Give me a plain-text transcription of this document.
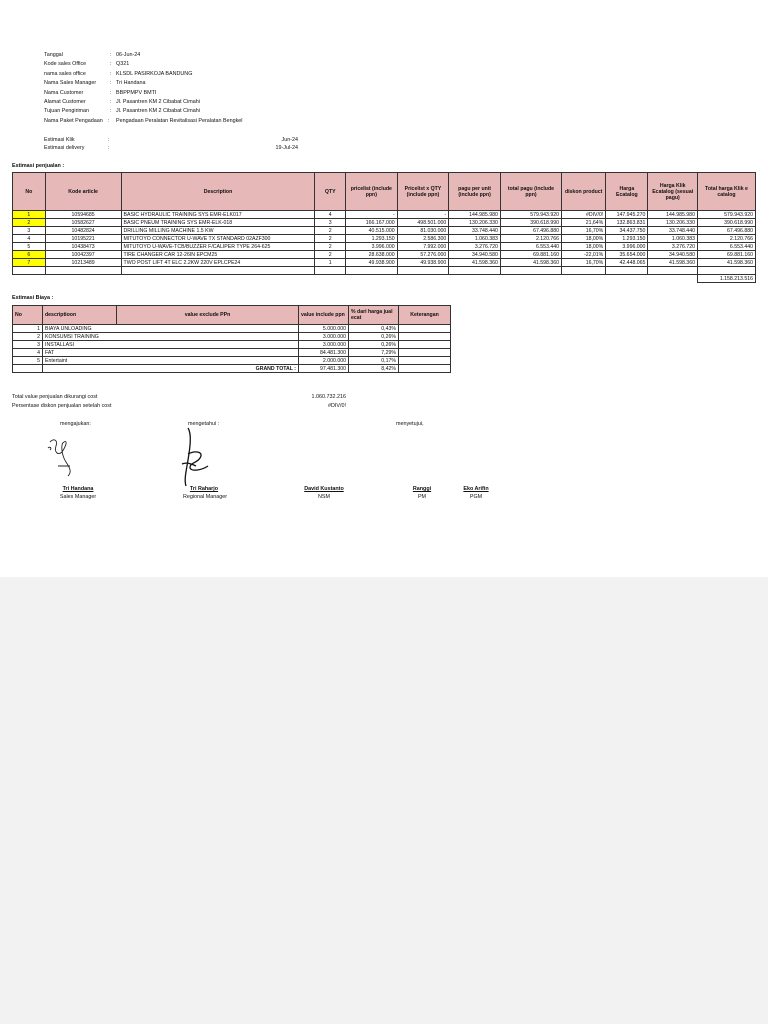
Tanggal	: 06-Jun-24
Kode sales Office	: Q321
nama sales office	: KLSDL PASIRKOJA BANDUNG
Nama Sales Manager	: Tri Handana
Nama Customer	: BBPPMPV BMTI
Alamat Customer	: Jl. Pasantren KM 2 Cibabat Cimahi
Tujuan Pengiriman	: Jl. Pasantren KM 2 Cibabat Cimahi
Nama Paket Pengadaan : Pengadaan Peralatan Revitalisasi Peralatan Bengkel
Estimasi Klik	:	Jun-24
Estimasi delivery	:	19-Jul-24
Estimasi penjualan :
No	Kode article	Description	QTY	pricelist (include ppn)	Pricelist x QTY (include ppn)	pagu per unit (include ppn)	total pagu (include ppn)	diskon product	Harga Ecatalog	Harga Klik Ecatalog (sesuai pagu)	Total harga Klik e catalog
1	10594685	BASIC HYDRAULIC TRAINING SYS EMR-ELK017	4	-	-	144.985.980	579.943.920	#DIV/0!	147.945.270	144.985.980	579.943.920
2	10582627	BASIC PNEUM TRAINING SYS EMR-ELK-018	3	166.167.000	498.501.000	130.206.330	390.618.990	21,64%	132.863.831	130.206.330	390.618.990
3	10482824	DRILLING MILLING MACHINE 1.5 KW	2	40.515.000	81.030.000	33.748.440	67.496.880	16,70%	34.437.750	33.748.440	67.496.880
4	10195221	MITUTOYO CONNECTOR U-WAVE TX STANDARD 02AZF300	2	1.293.150	2.586.300	1.060.383	2.120.766	18,00%	1.293.150	1.060.383	2.120.766
5	10438473	MITUTOYO U-WAVE-TCB/BUZZER F/CALIPER TYPE 264-625	2	3.996.000	7.992.000	3.276.720	6.553.440	18,00%	3.996.000	3.276.720	6.553.440
6	10042397	TIRE CHANGER CAR 12-26IN EPCM25	2	28.638.000	57.276.000	34.940.580	69.881.160	-22,01%	35.654.000	34.940.580	69.881.160
7	10213489	TWO POST LIFT 4T ELC 2.2KW 220V EPLCPE24	1	49.938.900	49.938.900	41.598.360	41.598.360	16,70%	42.448.065	41.598.360	41.598.360

											1.158.213.516
Estimasi Biaya :
No	descriptioon	value exclude PPn	value include ppn	% dari harga jual ecat	Keterangan
1	BIAYA UNLOADING		5.000.000	0,43%	
2	KONSUMSI TRAINING		3.000.000	0,26%	
3	INSTALLASI		3.000.000	0,26%	
4	FAT		84.481.300	7,29%	
5	Entertaint		2.000.000	0,17%	
	GRAND TOTAL :		97.481.300	8,42%	
Total value penjualan dikurangi cost	1.060.732.216
Persentase diskon penjualan setelah cost	#DIV/0!
mengajukan:	mengetahui :	menyetujui,
Tri Handana
Sales Manager
Tri Raharjo
Regional Manager
David Kustanto
NSM
Ranggi
PM
Eko Arifin
PGM
